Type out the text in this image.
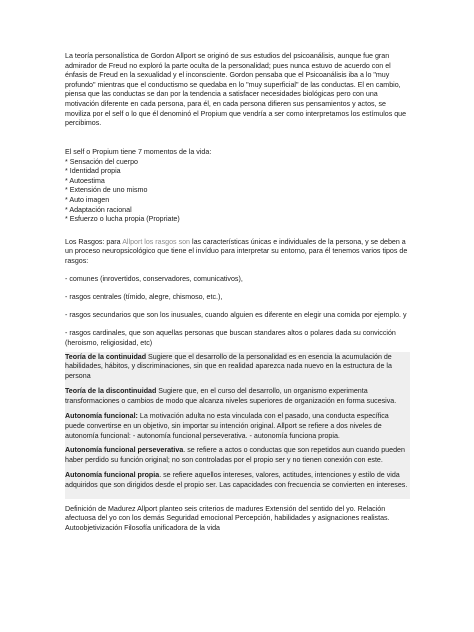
La teoría personalística de Gordon Allport se originó de sus estudios del psicoanálisis, aunque fue gran admirador de Freud no exploró la parte oculta de la personalidad; pues nunca estuvo de acuerdo con el énfasis de Freud en la sexualidad y el inconsciente. Gordon pensaba que el Psicoanálisis iba a lo "muy profundo" mientras que el conductismo se quedaba en lo "muy superficial" de las conductas. El en cambio, piensa que las conductas se dan por la tendencia a satisfacer necesidades biológicas pero con una motivación diferente en cada persona, para él, en cada persona difieren sus pensamientos y actos, se moviliza por el self o lo que él denominó el Propium que vendría a ser como interpretamos los estímulos que percibimos.

El self o Propium tiene 7 momentos de la vida:

* Sensación del cuerpo
* Identidad propia
* Autoestima
* Extensión de uno mismo
* Auto imagen
* Adaptación racional
* Esfuerzo o lucha propia (Propriate)

Los Rasgos: para Allport los rasgos son las características únicas e individuales de la persona, y se deben a un proceso neuropsicológico que tiene el invíduo para interpretar su entorno, para él tenemos varios tipos de rasgos:

- comunes (inrovertidos, conservadores, comunicativos),

- rasgos centrales (tímido, alegre, chismoso, etc.),

- rasgos secundarios que son los inusuales, cuando alguien es diferente en elegir una comida por ejemplo. y

- rasgos cardinales, que son aquellas personas que buscan standares altos o polares dada su convicción (heroismo, religiosidad, etc)

Teoría de la continuidad Sugiere que el desarrollo de la personalidad es en esencia la acumulación de habilidades, hábitos, y discriminaciones, sin que en realidad aparezca nada nuevo en la estructura de la persona

Teoría de la discontinuidad Sugiere que, en el curso del desarrollo, un organismo experimenta transformaciones o cambios de modo que alcanza niveles superiores de organización en forma sucesiva.

Autonomía funcional: La motivación adulta no esta vinculada con el pasado, una conducta específica puede convertirse en un objetivo, sin importar su intención original. Allport se refiere a dos niveles de autonomía funcional: - autonomía funcional perseverativa. - autonomía funciona propia.

Autonomía funcional perseverativa. se refiere a actos o conductas que son repetidos aun cuando pueden haber perdido su función original; no son controladas por el propio ser y no tienen conexión con este.

Autonomía funcional propia. se refiere aquellos intereses, valores, actitudes, intenciones y estilo de vida adquiridos que son dirigidos desde el propio ser. Las capacidades con frecuencia se convierten en intereses.

Definición de Madurez Allport planteo seis criterios de madures Extensión del sentido del yo. Relación afectuosa del yo con los demás Seguridad emocional Percepción, habilidades y asignaciones realistas. Autoobjetivización Filosofía unificadora de la vida
